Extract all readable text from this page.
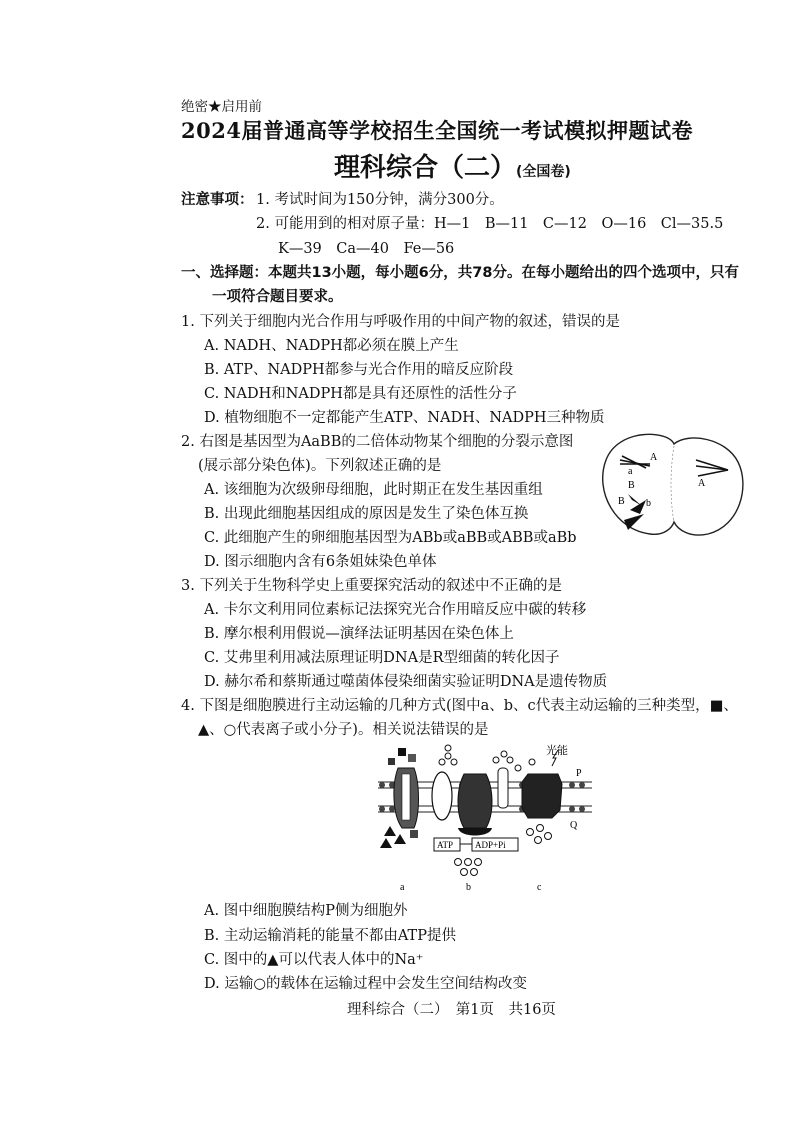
绝密★启用前
2024届普通高等学校招生全国统一考试模拟押题试卷
理科综合（二）(全国卷)
注意事项： 1. 考试时间为150分钟，满分300分。
2. 可能用到的相对原子量：H—1　B—11　C—12　O—16　Cl—35.5
K—39　Ca—40　Fe—56
一、选择题：本题共13小题，每小题6分，共78分。在每小题给出的四个选项中，只有
一项符合题目要求。
1. 下列关于细胞内光合作用与呼吸作用的中间产物的叙述，错误的是
A. NADH、NADPH都必须在膜上产生
B. ATP、NADPH都参与光合作用的暗反应阶段
C. NADH和NADPH都是具有还原性的活性分子
D. 植物细胞不一定都能产生ATP、NADH、NADPH三种物质
2. 右图是基因型为AaBB的二倍体动物某个细胞的分裂示意图
(展示部分染色体)。下列叙述正确的是
A. 该细胞为次级卵母细胞，此时期正在发生基因重组
B. 出现此细胞基因组成的原因是发生了染色体互换
C. 此细胞产生的卵细胞基因型为ABb或aBB或ABB或aBb
D. 图示细胞内含有6条姐妹染色单体
A
a
B
B b
A
3. 下列关于生物科学史上重要探究活动的叙述中不正确的是
A. 卡尔文利用同位素标记法探究光合作用暗反应中碳的转移
B. 摩尔根利用假说—演绎法证明基因在染色体上
C. 艾弗里利用减法原理证明DNA是R型细菌的转化因子
D. 赫尔希和蔡斯通过噬菌体侵染细菌实验证明DNA是遗传物质
4. 下图是细胞膜进行主动运输的几种方式(图中a、b、c代表主动运输的三种类型，■、
▲、○代表离子或小分子)。相关说法错误的是
光能
P
Q
ATP ADP+Pi
a	b	c
A. 图中细胞膜结构P侧为细胞外
B. 主动运输消耗的能量不都由ATP提供
C. 图中的▲可以代表人体中的Na⁺
D. 运输○的载体在运输过程中会发生空间结构改变
理科综合（二）　第1页　共16页
